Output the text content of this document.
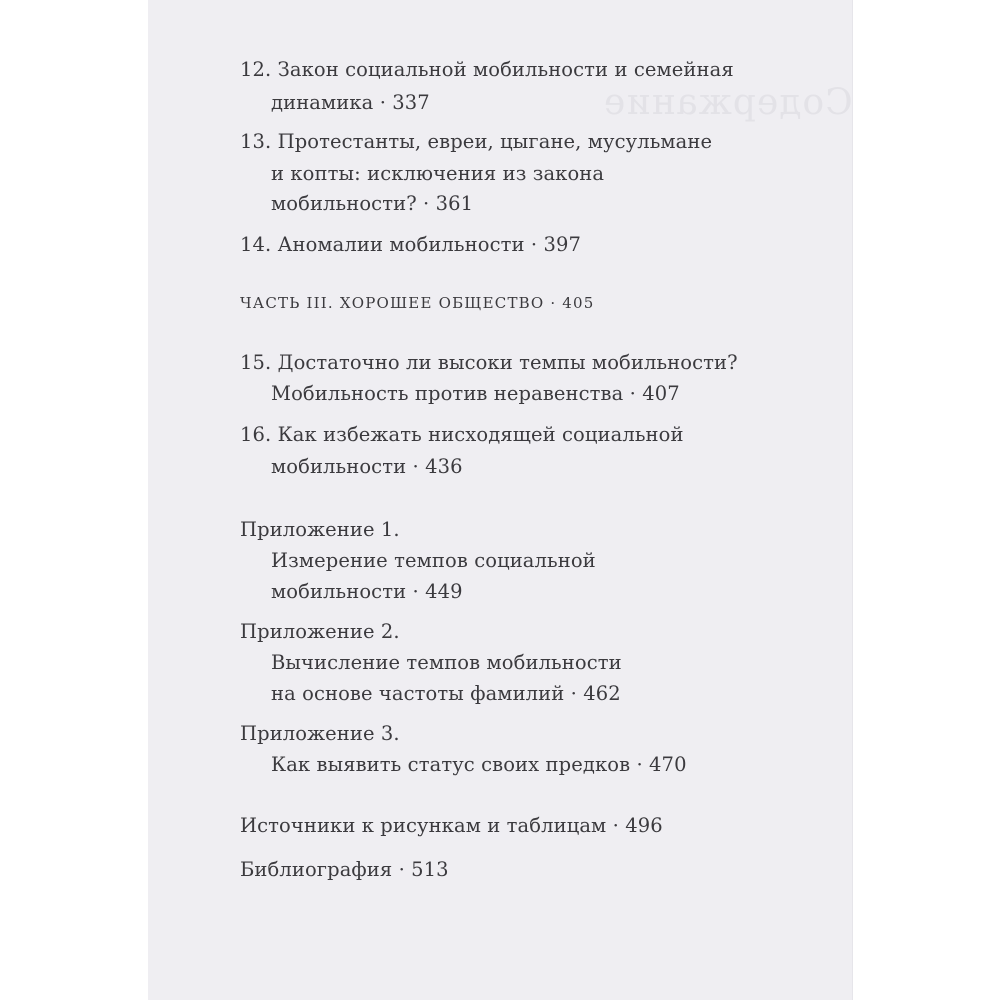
Содержание
12. Закон социальной мобильности и семейная
динамика · 337
13. Протестанты, евреи, цыгане, мусульмане
и копты: исключения из закона
мобильности? · 361
14. Аномалии мобильности · 397
ЧАСТЬ III. ХОРОШЕЕ ОБЩЕСТВО · 405
15. Достаточно ли высоки темпы мобильности?
Мобильность против неравенства · 407
16. Как избежать нисходящей социальной
мобильности · 436
Приложение 1.
Измерение темпов социальной
мобильности · 449
Приложение 2.
Вычисление темпов мобильности
на основе частоты фамилий · 462
Приложение 3.
Как выявить статус своих предков · 470
Источники к рисункам и таблицам · 496
Библиография · 513
